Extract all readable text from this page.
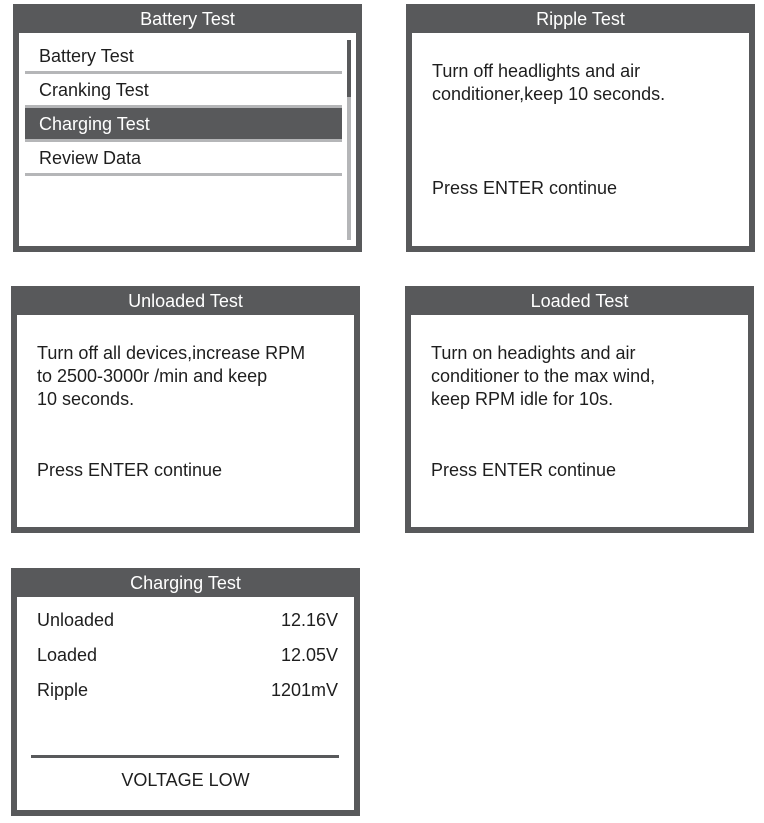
Battery Test
Battery Test
Cranking Test
Charging Test
Review Data
Ripple Test
Turn off headlights and air
conditioner,keep 10 seconds.
Press ENTER continue
Unloaded Test
Turn off all devices,increase RPM
to 2500-3000r /min and keep
10 seconds.
Press ENTER continue
Loaded Test
Turn on headights and air
conditioner to the max wind,
keep RPM idle for 10s.
Press ENTER continue
Charging Test
Unloaded	12.16V
Loaded	12.05V
Ripple	1201mV
VOLTAGE LOW
